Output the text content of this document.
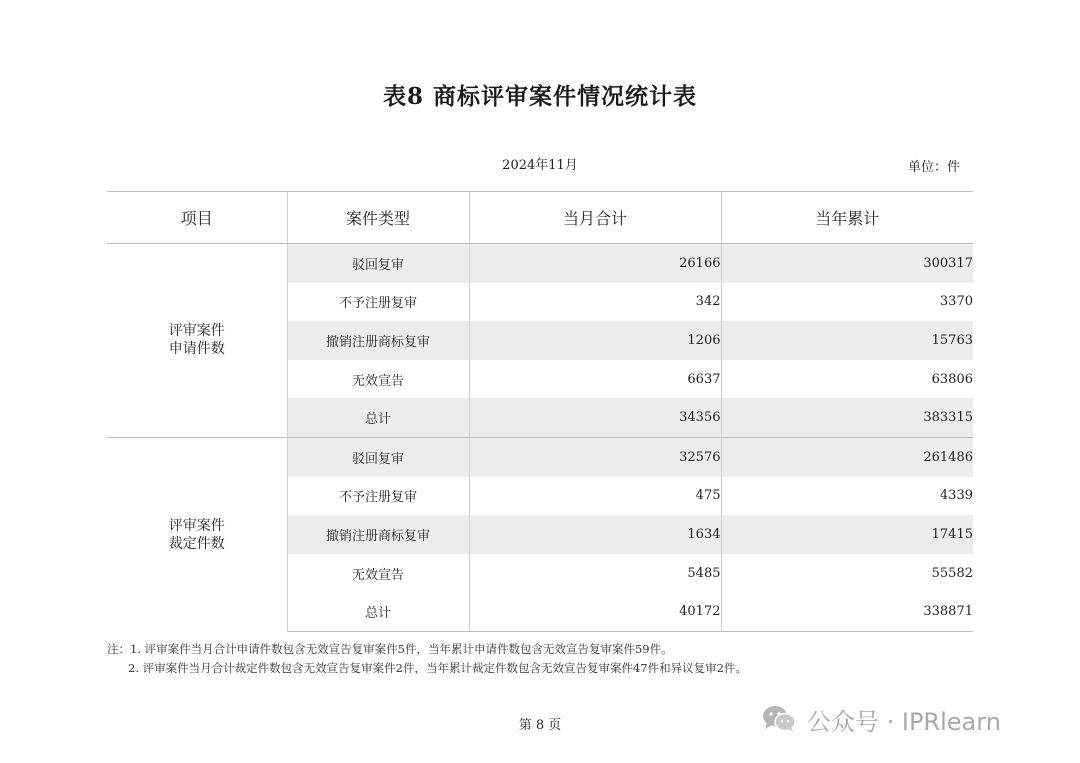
表8 商标评审案件情况统计表
2024年11月	单位：件
项目	案件类型	当月合计	当年累计

评审案件
申请件数	驳回复审	26166	300317
	不予注册复审	342	3370
	撤销注册商标复审	1206	15763
	无效宣告	6637	63806
	总计	34356	383315

评审案件
裁定件数	驳回复审	32576	261486
	不予注册复审	475	4339
	撤销注册商标复审	1634	17415
	无效宣告	5485	55582
	总计	40172	338871
注：1. 评审案件当月合计申请件数包含无效宣告复审案件5件，当年累计申请件数包含无效宣告复审案件59件。
2. 评审案件当月合计裁定件数包含无效宣告复审案件2件，当年累计裁定件数包含无效宣告复审案件47件和异议复审2件。
第 8 页	公众号 · IPRlearn
